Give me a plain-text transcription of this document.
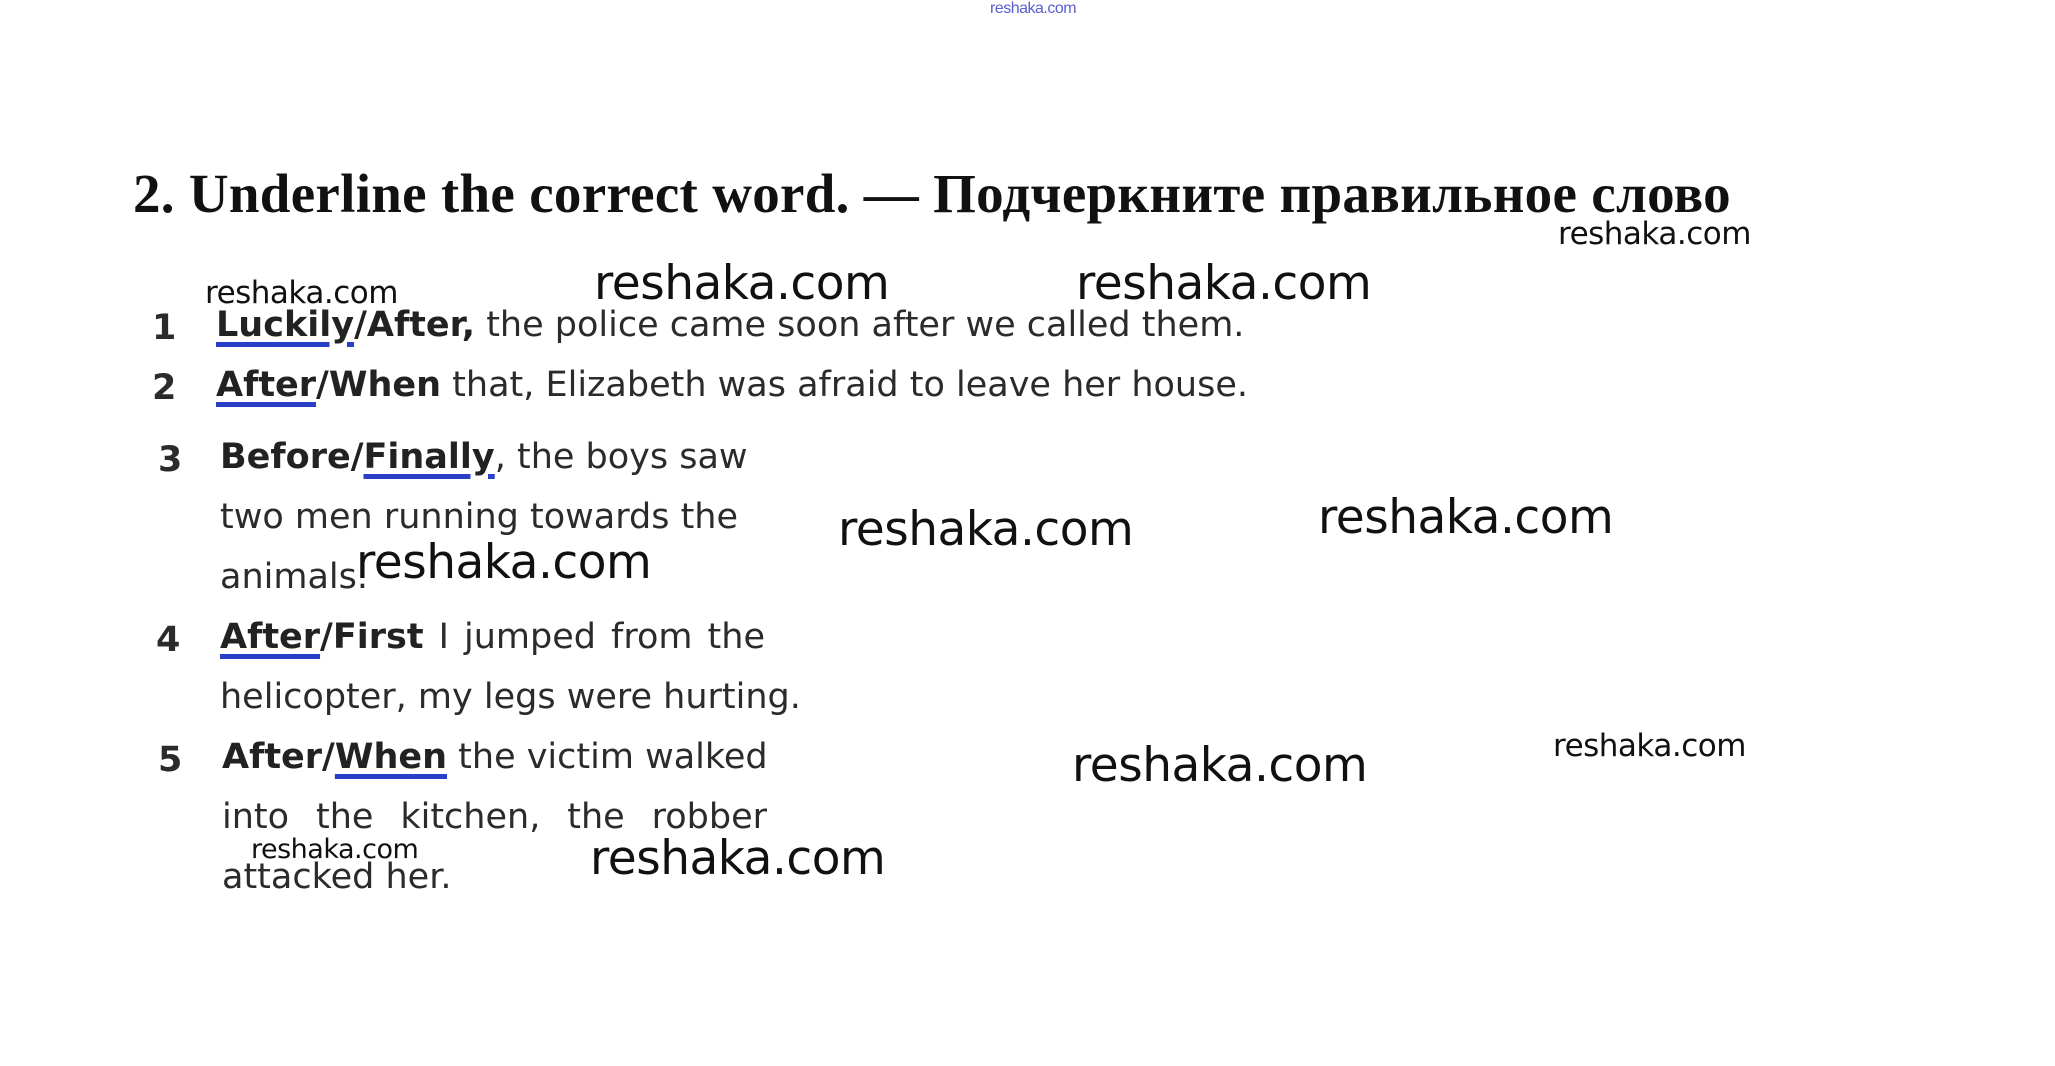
reshaka.com
2. Underline the correct word. — Подчеркните правильное слово
1 Luckily/After, the police came soon after we called them.
2 After/When that, Elizabeth was afraid to leave her house.
3 Before/Finally, the boys saw
two men running towards the
animals.
4 After/First I jumped from the
helicopter, my legs were hurting.
5 After/When the victim walked
into the kitchen, the robber
attacked her.
reshaka.com	reshaka.com	reshaka.com
reshaka.com
reshaka.com
reshaka.com	reshaka.com
reshaka.com	reshaka.com
reshaka.com	reshaka.com
